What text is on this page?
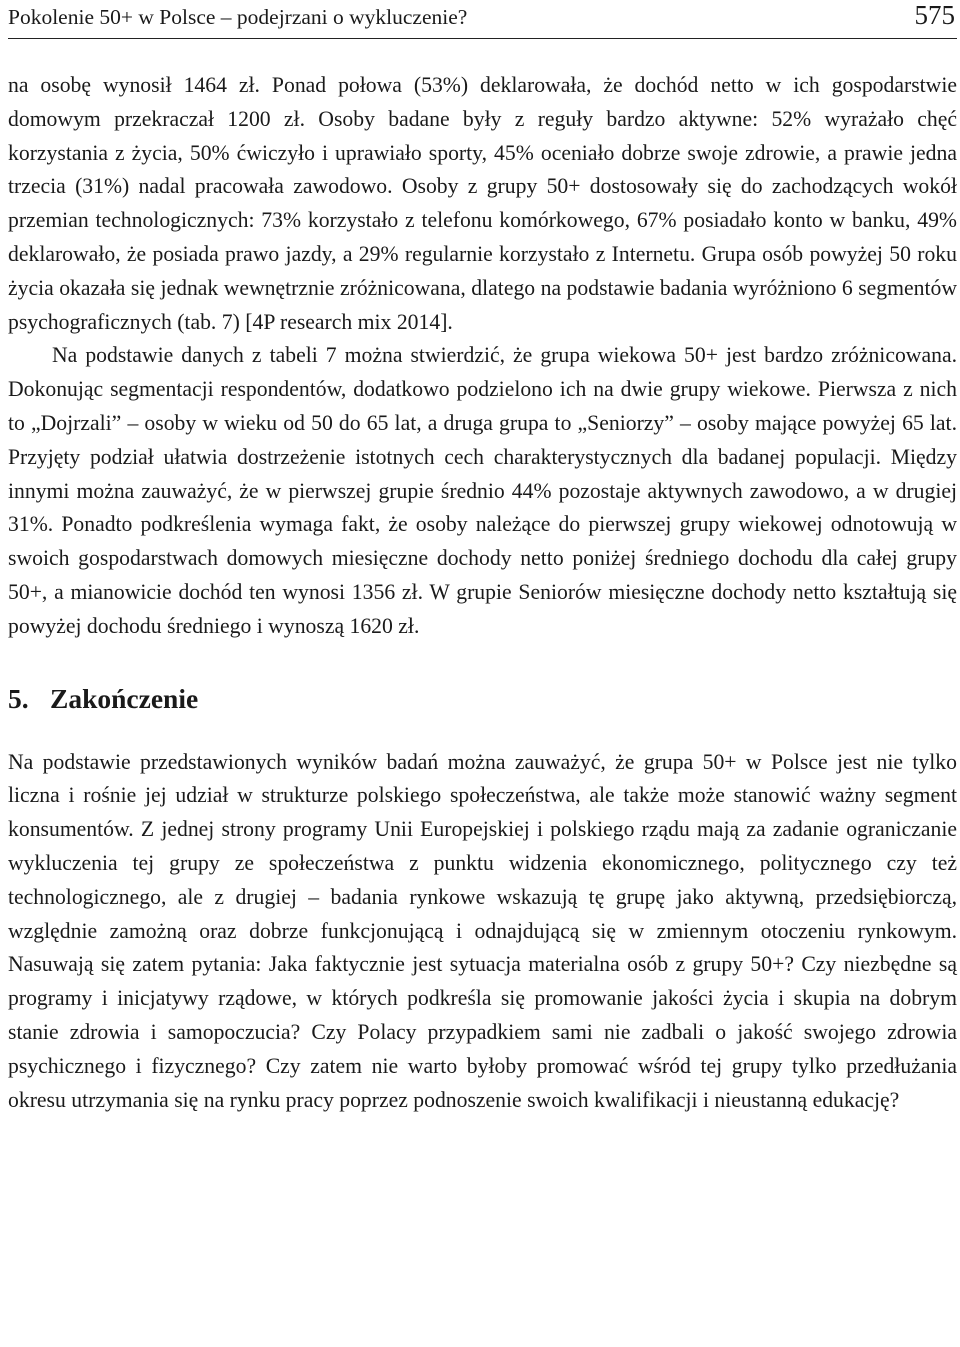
Pokolenie 50+ w Polsce – podejrzani o wykluczenie?	575

na osobę wynosił 1464 zł. Ponad połowa (53%) deklarowała, że dochód netto w ich gospodarstwie domowym przekraczał 1200 zł. Osoby badane były z reguły bardzo aktywne: 52% wyrażało chęć korzystania z życia, 50% ćwiczyło i uprawiało sporty, 45% oceniało dobrze swoje zdrowie, a prawie jedna trzecia (31%) nadal pracowała zawodowo. Osoby z grupy 50+ dostosowały się do zachodzących wokół przemian technologicznych: 73% korzystało z telefonu komórkowego, 67% posiadało konto w banku, 49% deklarowało, że posiada prawo jazdy, a 29% regularnie korzystało z Internetu. Grupa osób powyżej 50 roku życia okazała się jednak wewnętrznie zróżnicowana, dlatego na podstawie badania wyróżniono 6 segmentów psychograficznych (tab. 7) [4P research mix 2014].

Na podstawie danych z tabeli 7 można stwierdzić, że grupa wiekowa 50+ jest bardzo zróżnicowana. Dokonując segmentacji respondentów, dodatkowo podzielono ich na dwie grupy wiekowe. Pierwsza z nich to „Dojrzali” – osoby w wieku od 50 do 65 lat, a druga grupa to „Seniorzy” – osoby mające powyżej 65 lat. Przyjęty podział ułatwia dostrzeżenie istotnych cech charakterystycznych dla badanej populacji. Między innymi można zauważyć, że w pierwszej grupie średnio 44% pozostaje aktywnych zawodowo, a w drugiej 31%. Ponadto podkreślenia wymaga fakt, że osoby należące do pierwszej grupy wiekowej odnotowują w swoich gospodarstwach domowych miesięczne dochody netto poniżej średniego dochodu dla całej grupy 50+, a mianowicie dochód ten wynosi 1356 zł. W grupie Seniorów miesięczne dochody netto kształtują się powyżej dochodu średniego i wynoszą 1620 zł.

5. Zakończenie

Na podstawie przedstawionych wyników badań można zauważyć, że grupa 50+ w Polsce jest nie tylko liczna i rośnie jej udział w strukturze polskiego społeczeństwa, ale także może stanowić ważny segment konsumentów. Z jednej strony programy Unii Europejskiej i polskiego rządu mają za zadanie ograniczanie wykluczenia tej grupy ze społeczeństwa z punktu widzenia ekonomicznego, politycznego czy też technologicznego, ale z drugiej – badania rynkowe wskazują tę grupę jako aktywną, przedsiębiorczą, względnie zamożną oraz dobrze funkcjonującą i odnajdującą się w zmiennym otoczeniu rynkowym. Nasuwają się zatem pytania: Jaka faktycznie jest sytuacja materialna osób z grupy 50+? Czy niezbędne są programy i inicjatywy rządowe, w których podkreśla się promowanie jakości życia i skupia na dobrym stanie zdrowia i samopoczucia? Czy Polacy przypadkiem sami nie zadbali o jakość swojego zdrowia psychicznego i fizycznego? Czy zatem nie warto byłoby promować wśród tej grupy tylko przedłużania okresu utrzymania się na rynku pracy poprzez podnoszenie swoich kwalifikacji i nieustanną edukację?
